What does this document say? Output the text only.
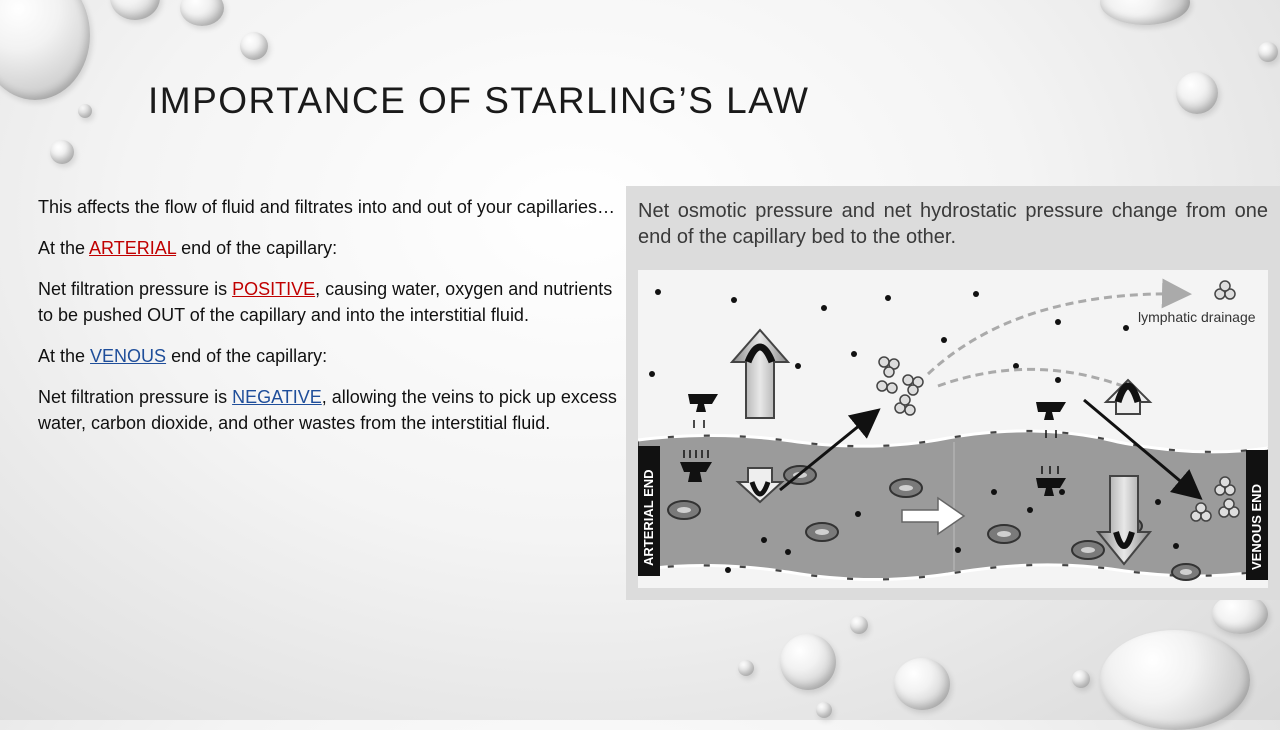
IMPORTANCE OF STARLING’S LAW

This affects the flow of fluid and filtrates into and out of your capillaries…

At the ARTERIAL end of the capillary:

Net filtration pressure is POSITIVE, causing water, oxygen and nutrients to be pushed OUT of the capillary and into the interstitial fluid.

At the VENOUS end of the capillary:

Net filtration pressure is NEGATIVE, allowing the veins to pick up excess water, carbon dioxide, and other wastes from the interstitial fluid.

Net osmotic pressure and net hydrostatic pressure change from one end of the capillary bed to the other.

lymphatic drainage
ARTERIAL END	VENOUS END
